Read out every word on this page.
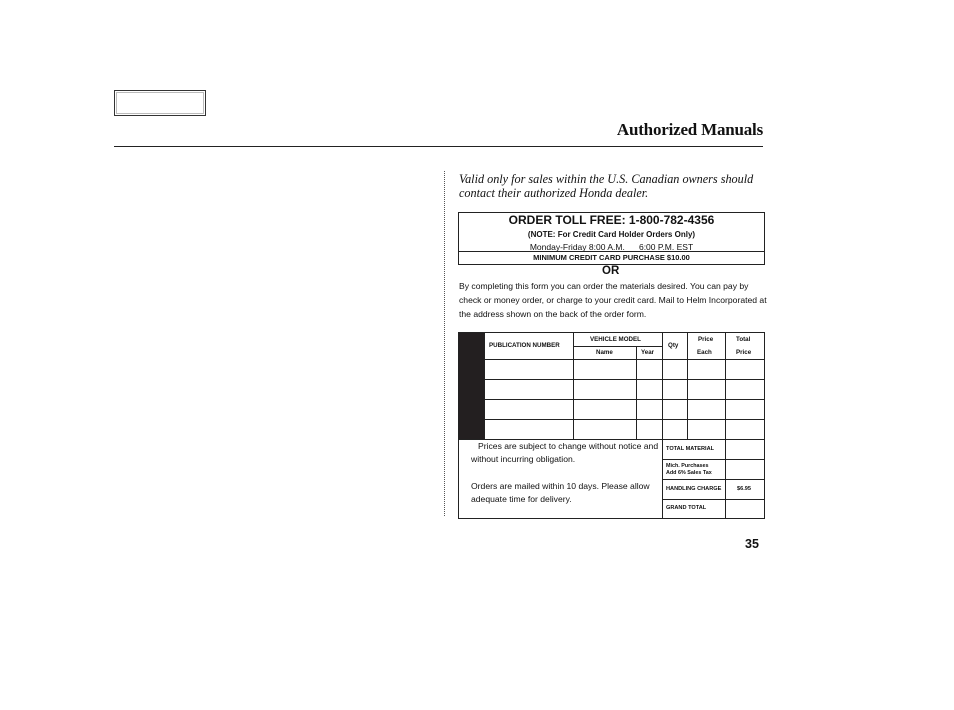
Authorized Manuals
Valid only for sales within the U.S. Canadian owners should contact their authorized Honda dealer.
ORDER TOLL FREE: 1-800-782-4356
(NOTE: For Credit Card Holder Orders Only)
Monday-Friday 8:00 A.M.      6:00 P.M. EST
MINIMUM CREDIT CARD PURCHASE $10.00
OR
By completing this form you can order the materials desired. You can pay by check or money order, or charge to your credit card. Mail to Helm Incorporated at the address shown on the back of the order form.
PUBLICATION NUMBER
VEHICLE MODEL
Name	Year
Qty
Price
Each
Total
Price
Prices are subject to change without notice and without incurring obligation.
Orders are mailed within 10 days. Please allow adequate time for delivery.
TOTAL MATERIAL
Mich. Purchases
Add 6% Sales Tax
HANDLING CHARGE	$6.95
GRAND TOTAL
35
